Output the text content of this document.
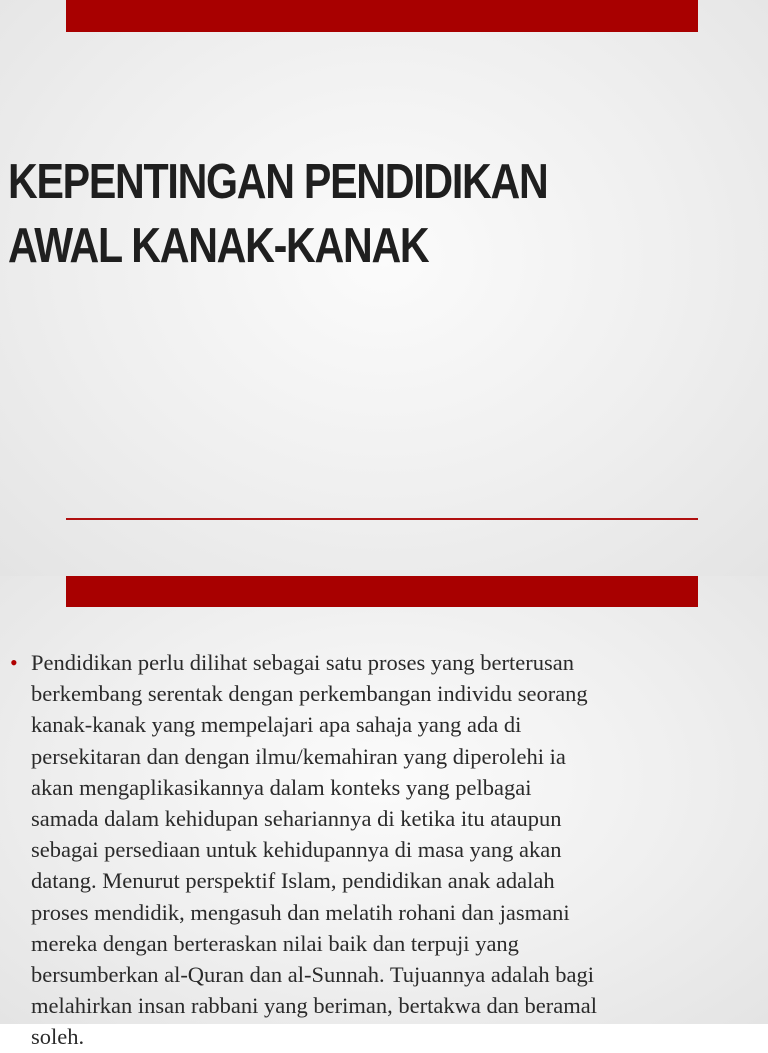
KEPENTINGAN PENDIDIKAN
AWAL KANAK-KANAK
• Pendidikan perlu dilihat sebagai satu proses yang berterusan
berkembang serentak dengan perkembangan individu seorang
kanak-kanak yang mempelajari apa sahaja yang ada di
persekitaran dan dengan ilmu/kemahiran yang diperolehi ia
akan mengaplikasikannya dalam konteks yang pelbagai
samada dalam kehidupan sehariannya di ketika itu ataupun
sebagai persediaan untuk kehidupannya di masa yang akan
datang. Menurut perspektif Islam, pendidikan anak adalah
proses mendidik, mengasuh dan melatih rohani dan jasmani
mereka dengan berteraskan nilai baik dan terpuji yang
bersumberkan al-Quran dan al-Sunnah. Tujuannya adalah bagi
melahirkan insan rabbani yang beriman, bertakwa dan beramal
soleh.
